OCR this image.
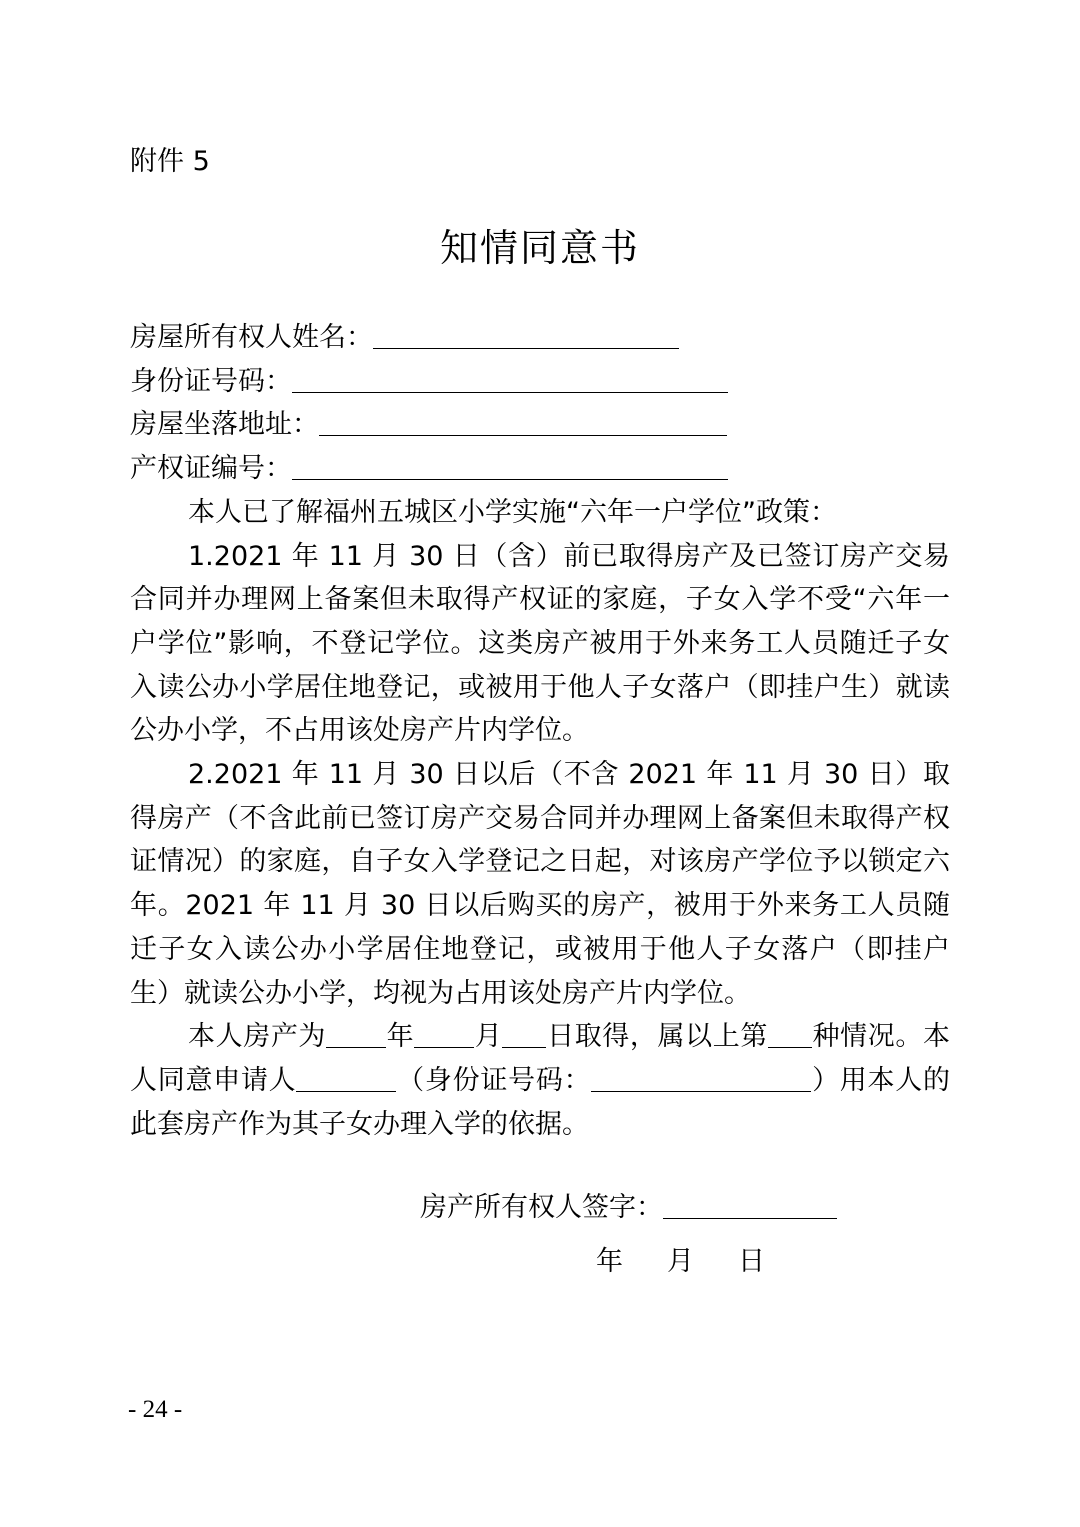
附件 5
知情同意书
房屋所有权人姓名：
身份证号码：
房屋坐落地址：
产权证编号：
本人已了解福州五城区小学实施“六年一户学位”政策：
1.2021 年 11 月 30 日（含）前已取得房产及已签订房产交易合同并办理网上备案但未取得产权证的家庭，子女入学不受“六年一户学位”影响，不登记学位。这类房产被用于外来务工人员随迁子女入读公办小学居住地登记，或被用于他人子女落户（即挂户生）就读公办小学，不占用该处房产片内学位。
2.2021 年 11 月 30 日以后（不含 2021 年 11 月 30 日）取得房产（不含此前已签订房产交易合同并办理网上备案但未取得产权证情况）的家庭，自子女入学登记之日起，对该房产学位予以锁定六年。2021 年 11 月 30 日以后购买的房产，被用于外来务工人员随迁子女入读公办小学居住地登记，或被用于他人子女落户（即挂户生）就读公办小学，均视为占用该处房产片内学位。
本人房产为 年 月 日取得，属以上第 种情况。本人同意申请人	（身份证号码：	）用本人的此套房产作为其子女办理入学的依据。
房产所有权人签字：
年 月 日
- 24 -
